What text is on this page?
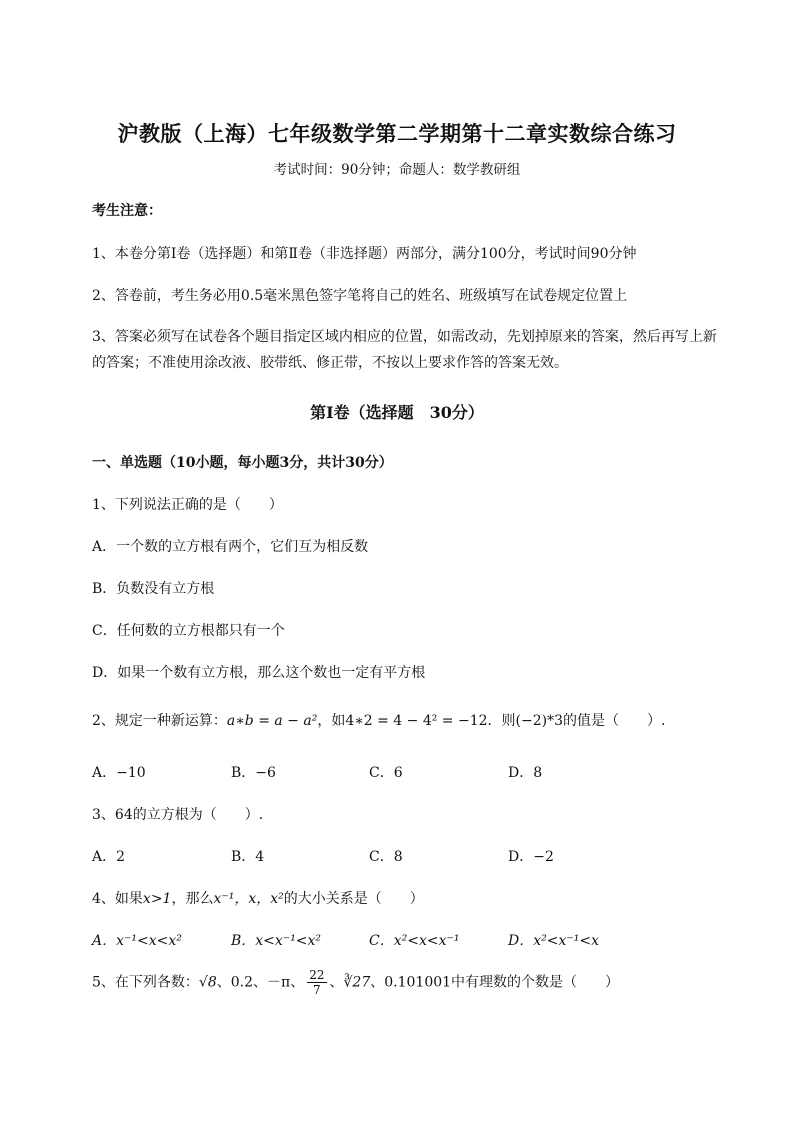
沪教版（上海）七年级数学第二学期第十二章实数综合练习
考试时间：90分钟；命题人：数学教研组
考生注意：
1、本卷分第Ⅰ卷（选择题）和第Ⅱ卷（非选择题）两部分，满分100分，考试时间90分钟
2、答卷前，考生务必用0.5毫米黑色签字笔将自己的姓名、班级填写在试卷规定位置上
3、答案必须写在试卷各个题目指定区域内相应的位置，如需改动，先划掉原来的答案，然后再写上新
的答案；不准使用涂改液、胶带纸、修正带，不按以上要求作答的答案无效。
第Ⅰ卷（选择题　30分）
一、单选题（10小题，每小题3分，共计30分）
1、下列说法正确的是（　　）
A．一个数的立方根有两个，它们互为相反数
B．负数没有立方根
C．任何数的立方根都只有一个
D．如果一个数有立方根，那么这个数也一定有平方根
2、规定一种新运算：a∗b = a − a²，如4∗2 = 4 − 4² = −12．则(−2)*3的值是（　　）.
A．−10	B．−6	C．6	D．8
3、64的立方根为（　　）.
A．2	B．4	C．8	D．−2
4、如果x>1，那么x⁻¹，x，x²的大小关系是（　　）
A．x⁻¹<x<x²	B．x<x⁻¹<x²	C．x²<x<x⁻¹	D．x²<x⁻¹<x
5、在下列各数：√8、0.2、－π、 $\frac{22}{7}$ 、∛27、0.101001中有理数的个数是（　　）
